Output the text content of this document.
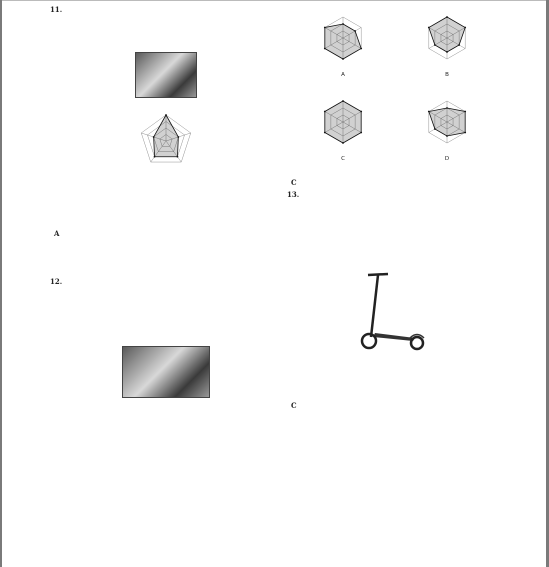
11.

A

12.

A	B
C	D

C

13.

C
